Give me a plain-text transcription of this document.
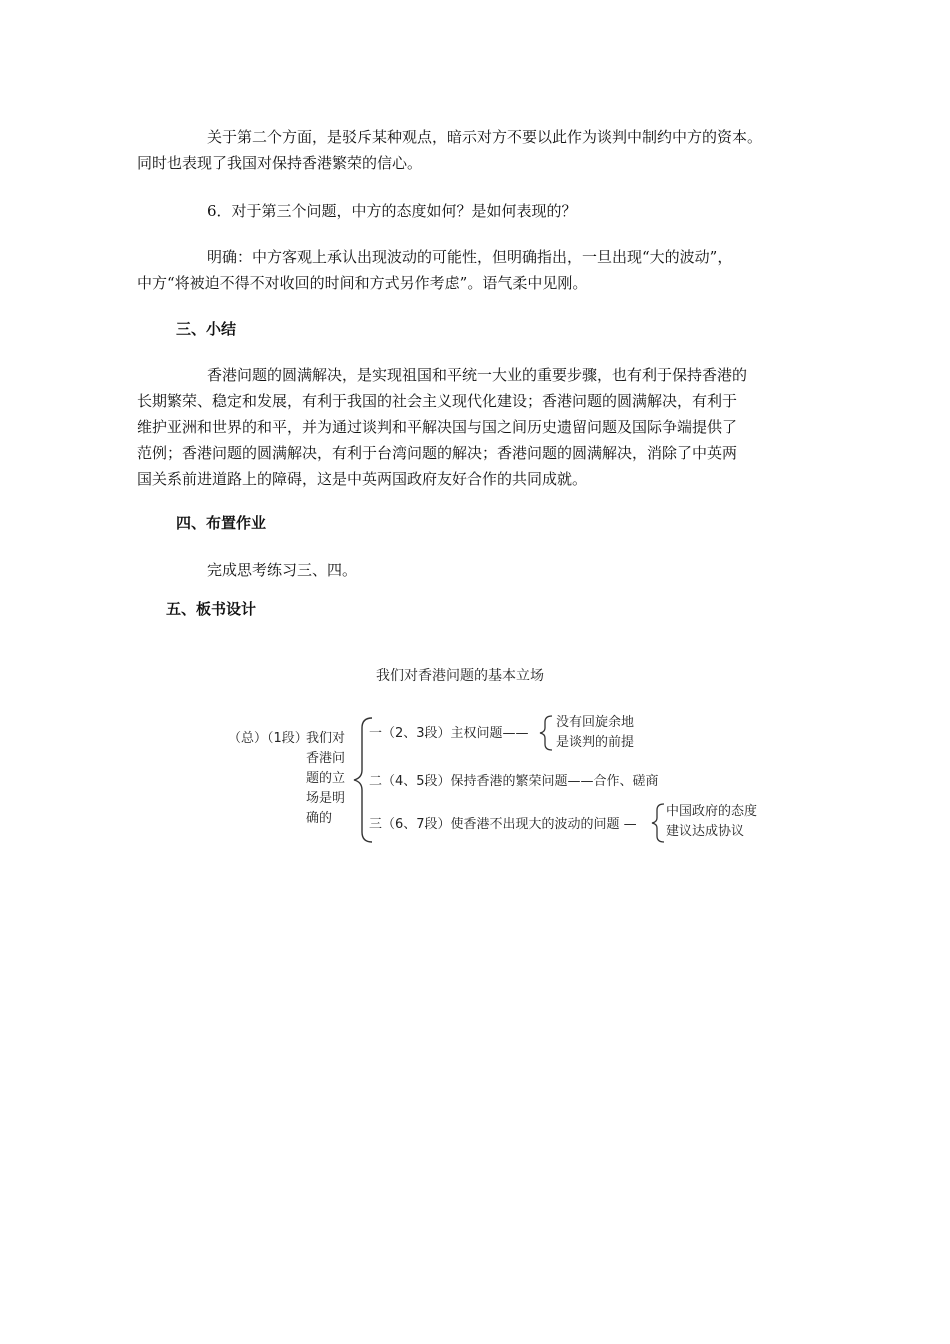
关于第二个方面，是驳斥某种观点，暗示对方不要以此作为谈判中制约中方的资本。
同时也表现了我国对保持香港繁荣的信心。

6．对于第三个问题，中方的态度如何？是如何表现的？

明确：中方客观上承认出现波动的可能性，但明确指出，一旦出现“大的波动”，
中方“将被迫不得不对收回的时间和方式另作考虑”。语气柔中见刚。

三、小结

香港问题的圆满解决，是实现祖国和平统一大业的重要步骤，也有利于保持香港的
长期繁荣、稳定和发展，有利于我国的社会主义现代化建设；香港问题的圆满解决，有利于
维护亚洲和世界的和平，并为通过谈判和平解决国与国之间历史遗留问题及国际争端提供了
范例；香港问题的圆满解决，有利于台湾问题的解决；香港问题的圆满解决，消除了中英两
国关系前进道路上的障碍，这是中英两国政府友好合作的共同成就。

四、布置作业

完成思考练习三、四。

五、板书设计
我们对香港问题的基本立场
（总）（1段）
我们对
香港问
题的立
场是明
确的
一（2、3段）主权问题——
没有回旋余地
是谈判的前提
二（4、5段）保持香港的繁荣问题——合作、磋商
三（6、7段）使香港不出现大的波动的问题 —
中国政府的态度
建议达成协议
